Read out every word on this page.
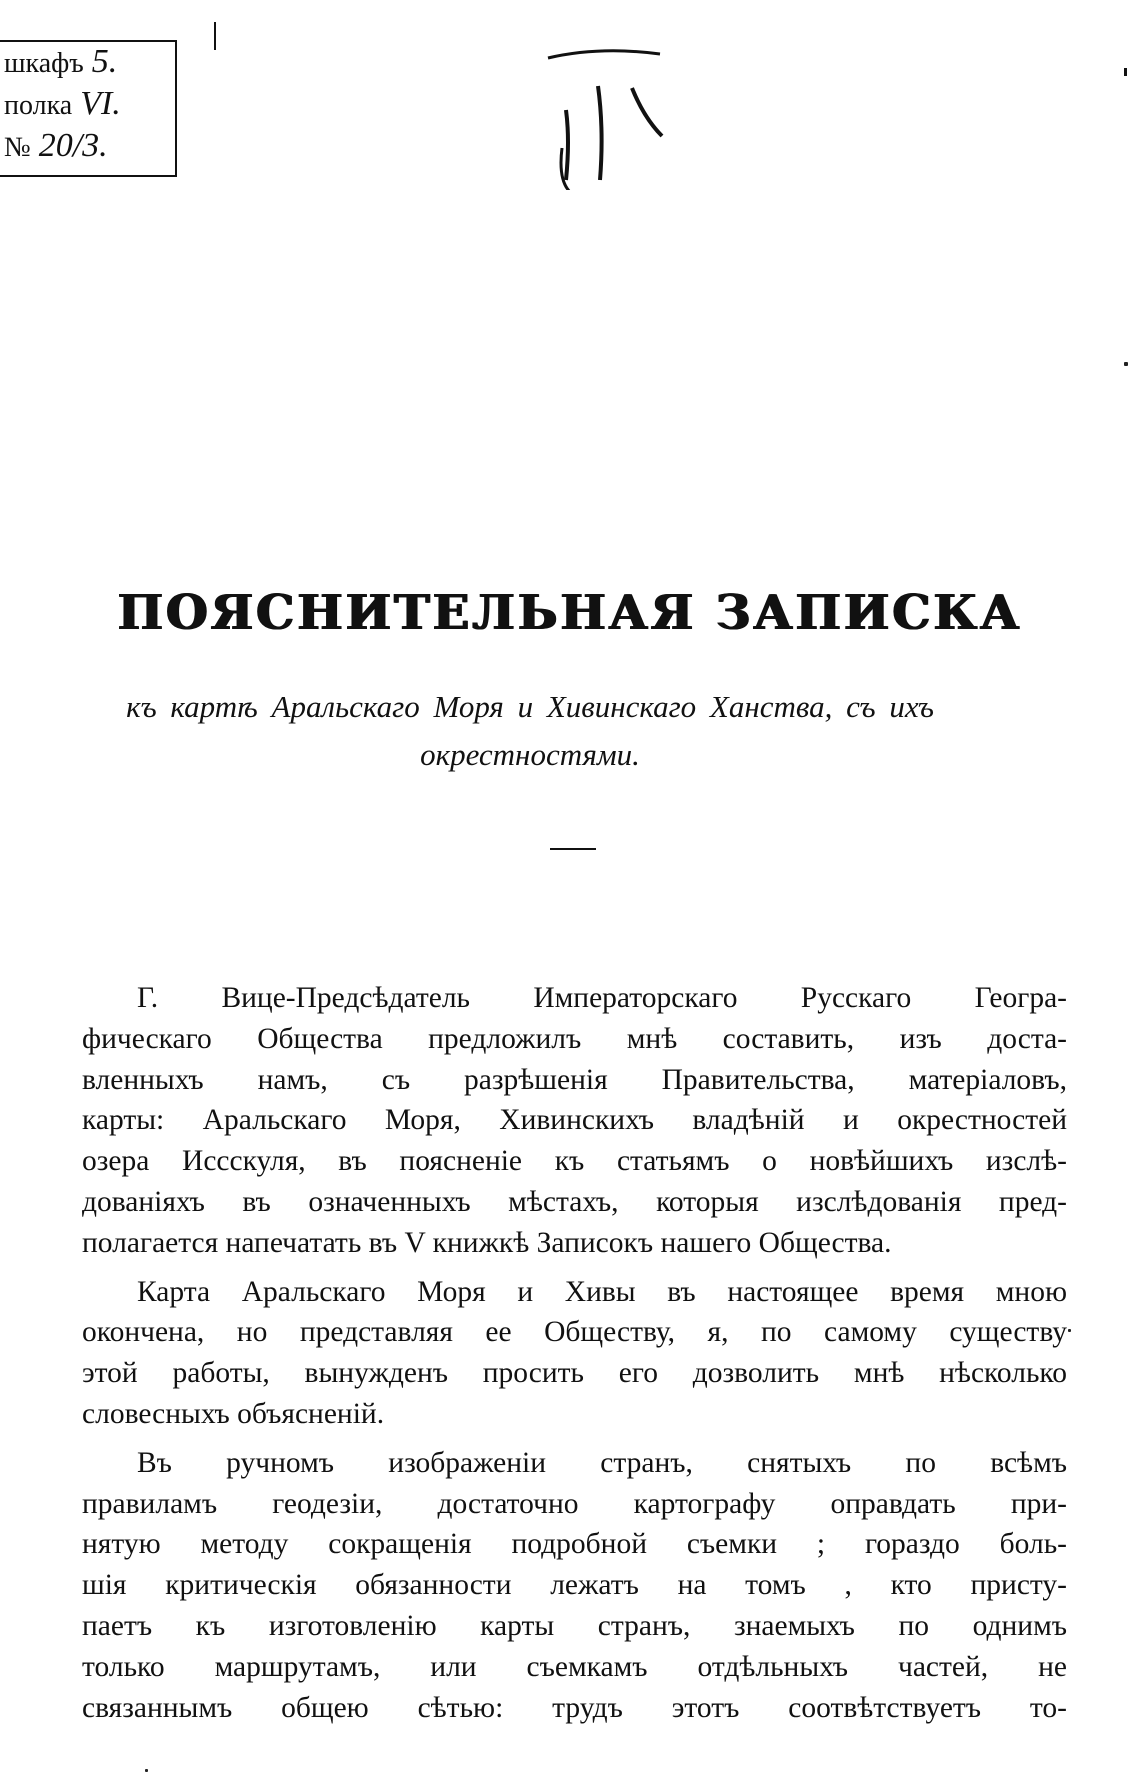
шкафъ 5.
полка VI.
№ 20/3.
ПОЯСНИТЕЛЬНАЯ ЗАПИСКА
къ картѣ Аральскаго Моря и Хивинскаго Ханства, съ ихъ окрестностями.

Г. Вице-Предсѣдатель Императорскаго Русскаго Геогра-
фическаго Общества предложилъ мнѣ составить, изъ доста-
вленныхъ намъ, съ разрѣшенія Правительства, матеріаловъ,
карты: Аральскаго Моря, Хивинскихъ владѣній и окрестностей
озера Иссскуля, въ поясненіе къ статьямъ о новѣйшихъ изслѣ-
дованіяхъ въ означенныхъ мѣстахъ, которыя изслѣдованія пред-
полагается напечатать въ V книжкѣ Записокъ нашего Общества.

Карта Аральскаго Моря и Хивы въ настоящее время мною
окончена, но представляя ее Обществу, я, по самому существу
этой работы, вынужденъ просить его дозволить мнѣ нѣсколько
словесныхъ объясненій.

Въ ручномъ изображеніи странъ, снятыхъ по всѣмъ
правиламъ геодезіи, достаточно картографу оправдать при-
нятую методу сокращенія подробной съемки ; гораздо боль-
шія критическія обязанности лежатъ на томъ , кто присту-
паетъ къ изготовленію карты странъ, знаемыхъ по однимъ
только маршрутамъ, или съемкамъ отдѣльныхъ частей, не
связаннымъ общею сѣтью: трудъ этотъ соотвѣтствуетъ то-
